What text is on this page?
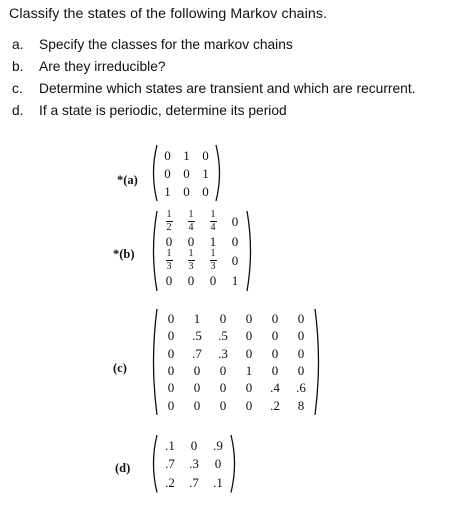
Classify the states of the following Markov chains.
a. Specify the classes for the markov chains
b. Are they irreducible?
c. Determine which states are transient and which are recurrent.
d. If a state is periodic, determine its period
*(a)
*(b)
(c)
(d)
0 1 0
0 0 1
1 0 0
$\frac{1}{2} \frac{1}{4} \frac{1}{4}$	0
0	0	1	0
$\frac{1}{3} \frac{1}{3} \frac{1}{3}$	0
0	0	0	1
0	1	0	0	0	0
0	.5	.5	0	0	0
0	.7	.3	0	0	0
0	0	0	1	0	0
0	0	0	0	.4	.6
0	0	0	0	.2	8
.1	0	.9
.7	.3	0
.2	.7	.1
